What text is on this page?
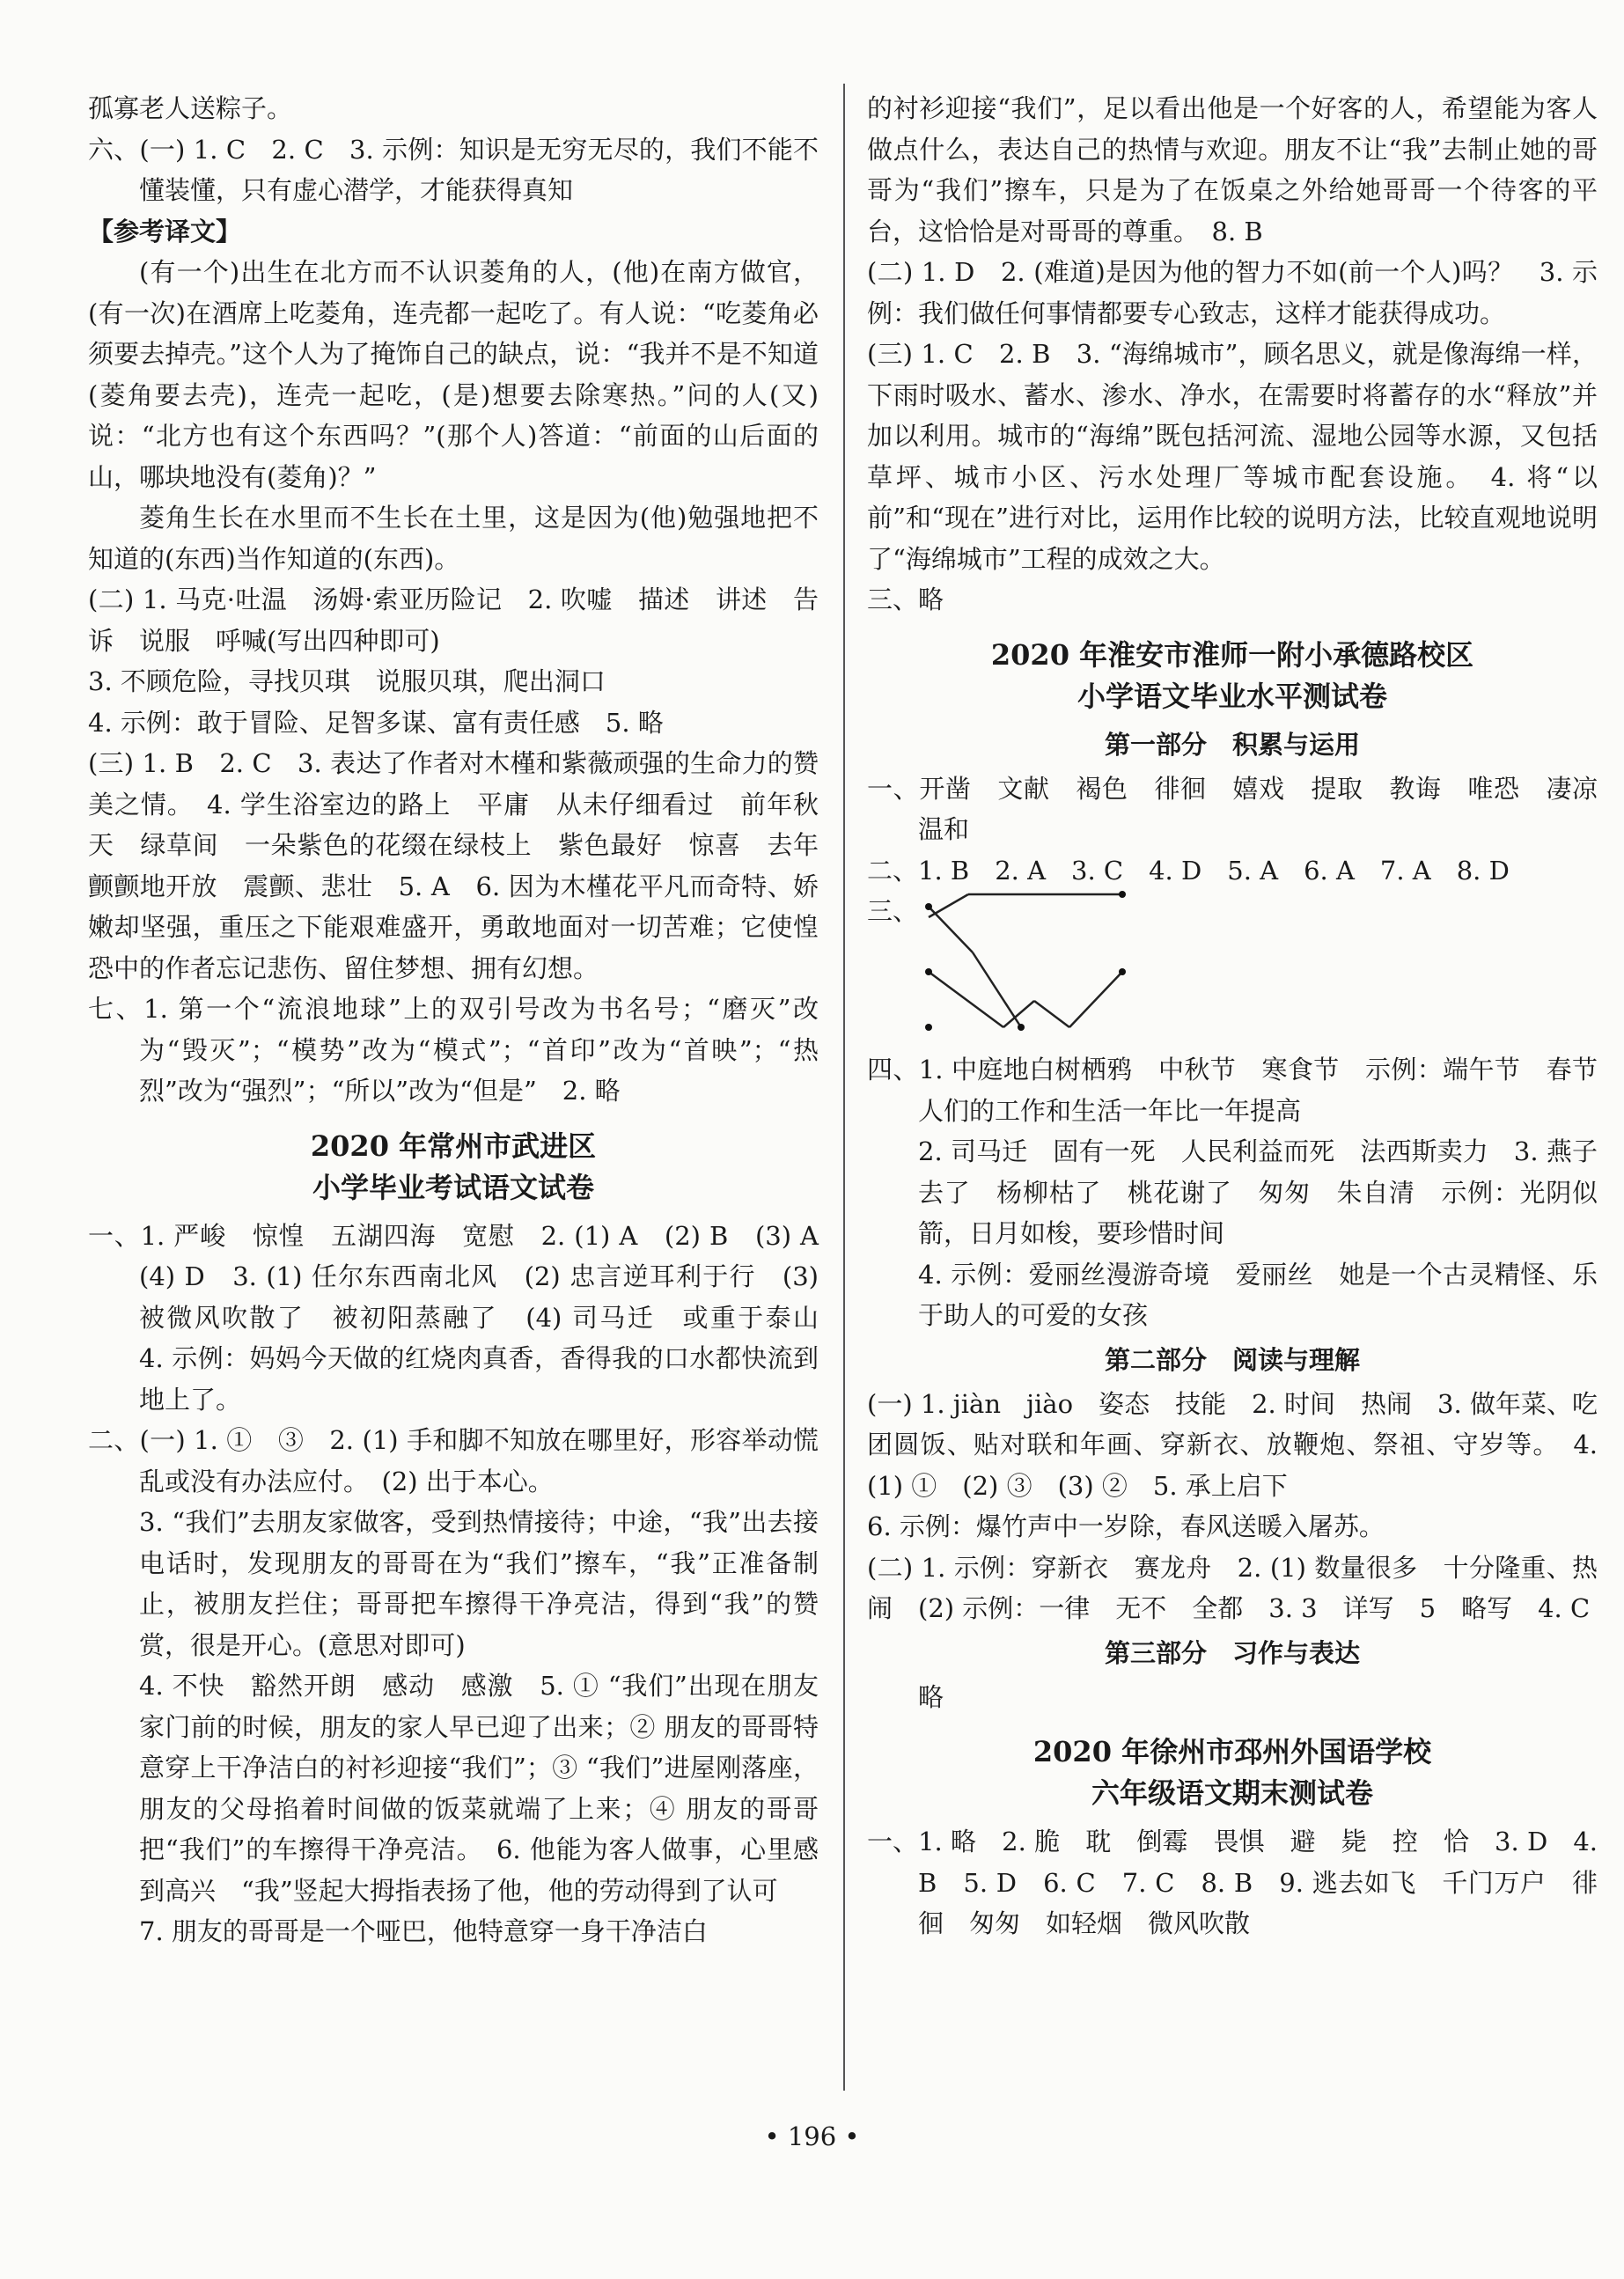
孤寡老人送粽子。

六、(一) 1. C　2. C　3. 示例：知识是无穷无尽的，我们不能不懂装懂，只有虚心潜学，才能获得真知

【参考译文】

(有一个)出生在北方而不认识菱角的人，(他)在南方做官，(有一次)在酒席上吃菱角，连壳都一起吃了。有人说：“吃菱角必须要去掉壳。”这个人为了掩饰自己的缺点，说：“我并不是不知道(菱角要去壳)，连壳一起吃，(是)想要去除寒热。”问的人(又)说：“北方也有这个东西吗？”(那个人)答道：“前面的山后面的山，哪块地没有(菱角)？”

菱角生长在水里而不生长在土里，这是因为(他)勉强地把不知道的(东西)当作知道的(东西)。

(二) 1. 马克·吐温　汤姆·索亚历险记　2. 吹嘘　描述　讲述　告诉　说服　呼喊(写出四种即可)

3. 不顾危险，寻找贝琪　说服贝琪，爬出洞口

4. 示例：敢于冒险、足智多谋、富有责任感　5. 略

(三) 1. B　2. C　3. 表达了作者对木槿和紫薇顽强的生命力的赞美之情。　4. 学生浴室边的路上　平庸　从未仔细看过　前年秋天　绿草间　一朵紫色的花缀在绿枝上　紫色最好　惊喜　去年　颤颤地开放　震颤、悲壮　5. A　6. 因为木槿花平凡而奇特、娇嫩却坚强，重压之下能艰难盛开，勇敢地面对一切苦难；它使惶恐中的作者忘记悲伤、留住梦想、拥有幻想。

七、1. 第一个“流浪地球”上的双引号改为书名号；“磨灭”改为“毁灭”；“模势”改为“模式”；“首印”改为“首映”；“热烈”改为“强烈”；“所以”改为“但是”　2. 略

2020 年常州市武进区
小学毕业考试语文试卷

一、1. 严峻　惊惶　五湖四海　宽慰　2. (1) A　(2) B　(3) A　(4) D　3. (1) 任尔东西南北风　(2) 忠言逆耳利于行　(3) 被微风吹散了　被初阳蒸融了　(4) 司马迁　或重于泰山　4. 示例：妈妈今天做的红烧肉真香，香得我的口水都快流到地上了。

二、(一) 1. ①　③　2. (1) 手和脚不知放在哪里好，形容举动慌乱或没有办法应付。　(2) 出于本心。

3. “我们”去朋友家做客，受到热情接待；中途，“我”出去接电话时，发现朋友的哥哥在为“我们”擦车，“我”正准备制止，被朋友拦住；哥哥把车擦得干净亮洁，得到“我”的赞赏，很是开心。(意思对即可)

4. 不快　豁然开朗　感动　感激　5. ① “我们”出现在朋友家门前的时候，朋友的家人早已迎了出来；② 朋友的哥哥特意穿上干净洁白的衬衫迎接“我们”；③ “我们”进屋刚落座，朋友的父母掐着时间做的饭菜就端了上来；④ 朋友的哥哥把“我们”的车擦得干净亮洁。　6. 他能为客人做事，心里感到高兴　“我”竖起大拇指表扬了他，他的劳动得到了认可

7. 朋友的哥哥是一个哑巴，他特意穿一身干净洁白

的衬衫迎接“我们”，足以看出他是一个好客的人，希望能为客人做点什么，表达自己的热情与欢迎。朋友不让“我”去制止她的哥哥为“我们”擦车，只是为了在饭桌之外给她哥哥一个待客的平台，这恰恰是对哥哥的尊重。　8. B

(二) 1. D　2. (难道)是因为他的智力不如(前一个人)吗？　3. 示例：我们做任何事情都要专心致志，这样才能获得成功。

(三) 1. C　2. B　3. “海绵城市”，顾名思义，就是像海绵一样，下雨时吸水、蓄水、渗水、净水，在需要时将蓄存的水“释放”并加以利用。城市的“海绵”既包括河流、湿地公园等水源，又包括草坪、城市小区、污水处理厂等城市配套设施。　4. 将“以前”和“现在”进行对比，运用作比较的说明方法，比较直观地说明了“海绵城市”工程的成效之大。

三、略

2020 年淮安市淮师一附小承德路校区
小学语文毕业水平测试卷
第一部分　积累与运用

一、开凿　文献　褐色　徘徊　嬉戏　提取　教诲　唯恐　凄凉　温和

二、1. B　2. A　3. C　4. D　5. A　6. A　7. A　8. D

三、

四、1. 中庭地白树栖鸦　中秋节　寒食节　示例：端午节　春节　人们的工作和生活一年比一年提高

2. 司马迁　固有一死　人民利益而死　法西斯卖力　3. 燕子去了　杨柳枯了　桃花谢了　匆匆　朱自清　示例：光阴似箭，日月如梭，要珍惜时间

4. 示例：爱丽丝漫游奇境　爱丽丝　她是一个古灵精怪、乐于助人的可爱的女孩

第二部分　阅读与理解

(一) 1. jiàn　jiào　姿态　技能　2. 时间　热闹　3. 做年菜、吃团圆饭、贴对联和年画、穿新衣、放鞭炮、祭祖、守岁等。　4. (1) ①　(2) ③　(3) ②　5. 承上启下

6. 示例：爆竹声中一岁除，春风送暖入屠苏。

(二) 1. 示例：穿新衣　赛龙舟　2. (1) 数量很多　十分隆重、热闹　(2) 示例：一律　无不　全都　3. 3　详写　5　略写　4. C

第三部分　习作与表达

略

2020 年徐州市邳州外国语学校
六年级语文期末测试卷

一、1. 略　2. 脆　耽　倒霉　畏惧　避　毙　控　恰　3. D　4. B　5. D　6. C　7. C　8. B　9. 逃去如飞　千门万户　徘徊　匆匆　如轻烟　微风吹散

• 196 •
